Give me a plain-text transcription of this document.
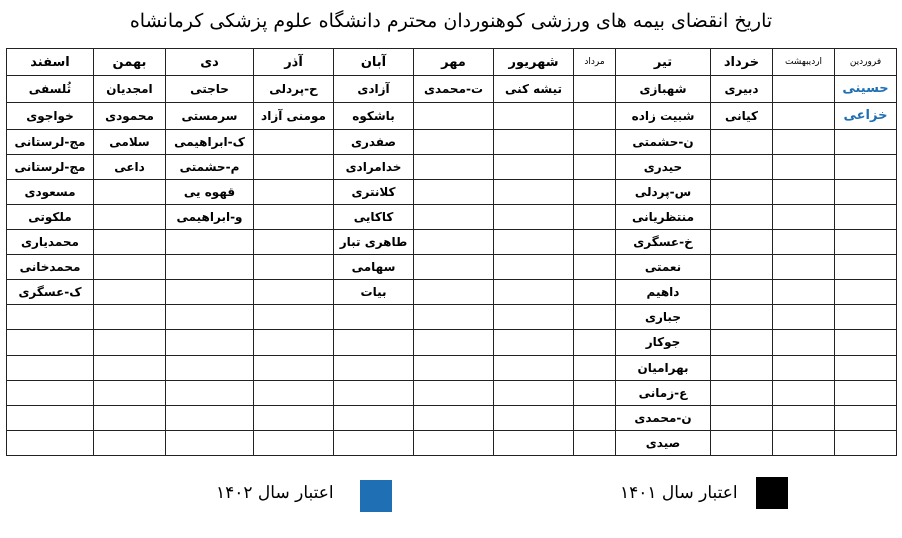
تاریخ انقضای بیمه های ورزشی کوهنوردان محترم دانشگاه علوم پزشکی کرمانشاه
فروردین	اردیبهشت	خرداد	تیر	مرداد	شهریور	مهر	آبان	آذر	دی	بهمن	اسفند
حسینی		دبیری	شهبازی		تیشه کنی	ت-محمدی	آزادی	ح-پردلی	حاجتی	امجدیان	ثُلسفی
خزاعی		کیانی	شبیت زاده				باشکوه	مومنی آزاد	سرمستی	محمودی	خواجوی
			ن-حشمتی				صفدری		ک-ابراهیمی	سلامی	مج-لرستانی
			حیدری				خدامرادی		م-حشمتی	داعی	مج-لرستانی
			س-پردلی				کلانتری		قهوه یی		مسعودی
			منتظریانی				کاکایی		و-ابراهیمی		ملکوتی
			خ-عسگری				طاهری تبار				محمدیاری
			نعمتی				سهامی				محمدخانی
			داهیم				بیات				ک-عسگری
			جباری								
			جوکار								
			بهرامیان								
			ع-زمانی								
			ن-محمدی								
			صیدی								
اعتبار سال ۱۴۰۱
اعتبار سال ۱۴۰۲
